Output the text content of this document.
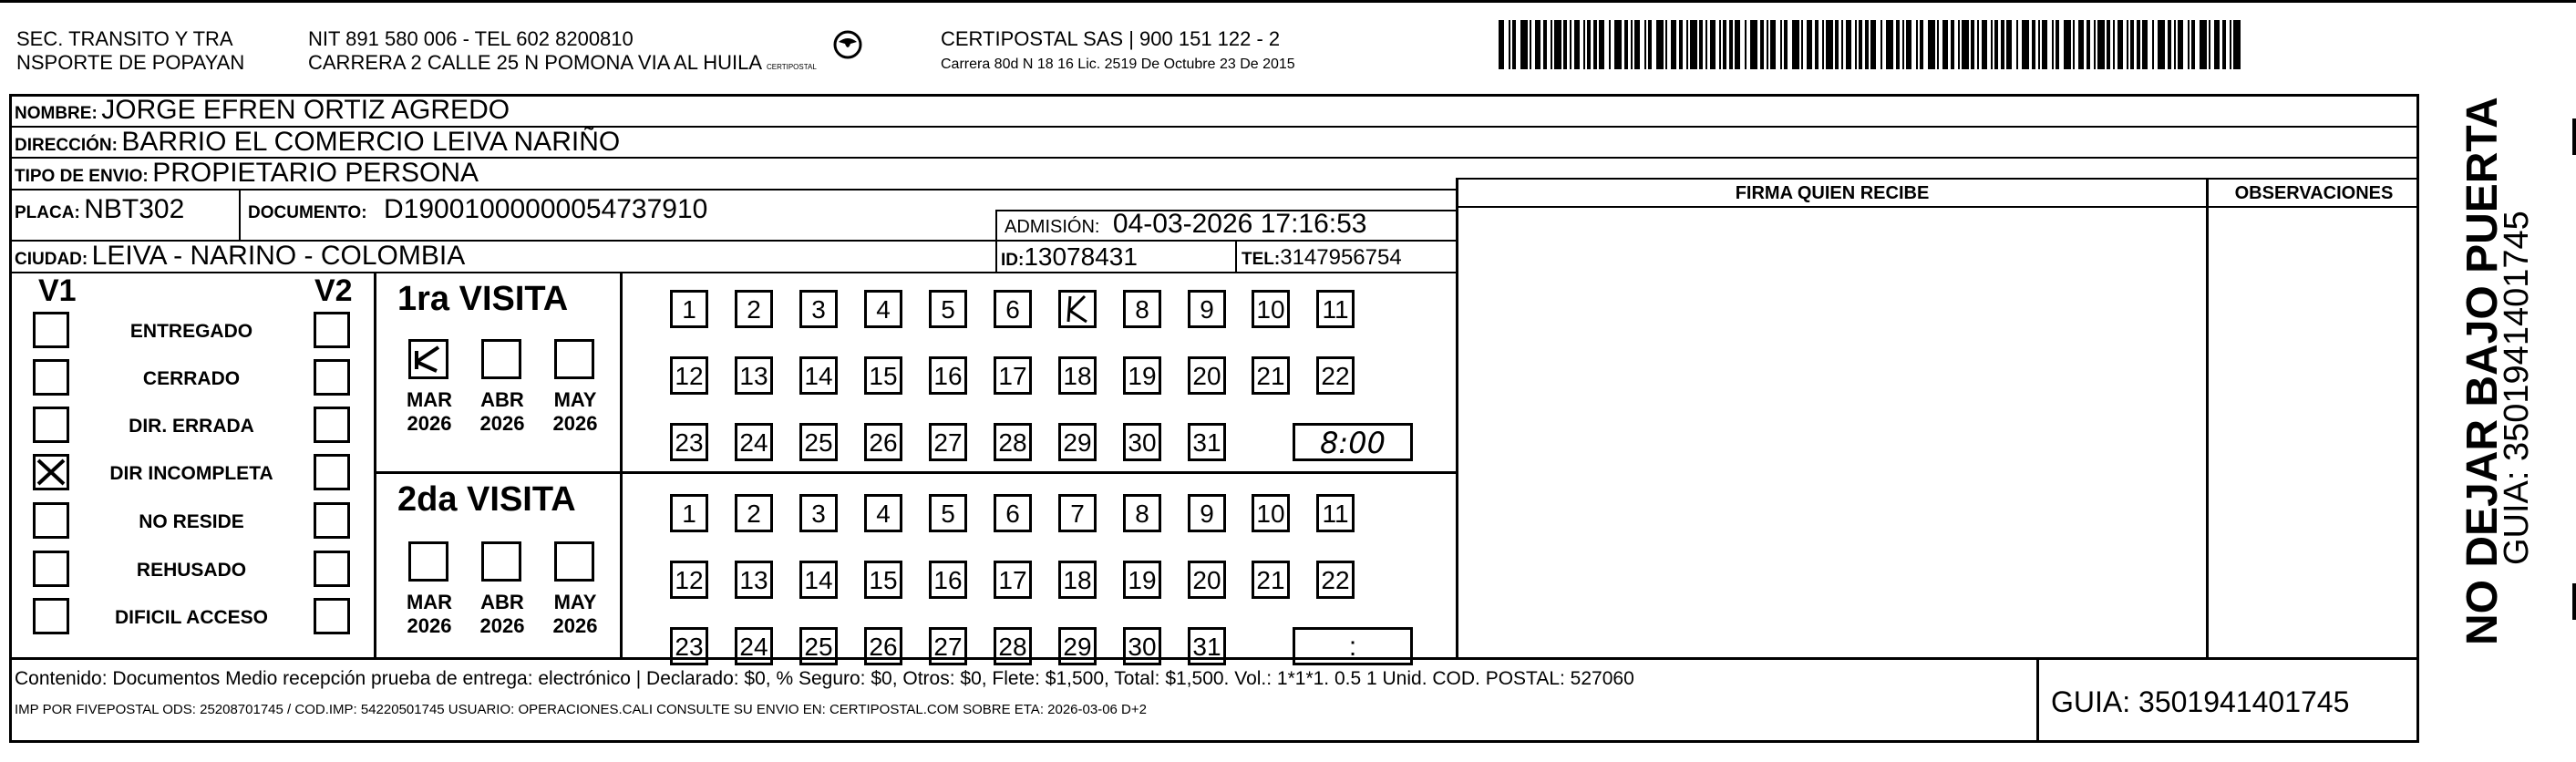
SEC. TRANSITO Y TRA
NSPORTE DE POPAYAN
NIT 891 580 006 - TEL 602 8200810
CARRERA 2 CALLE 25 N POMONA VIA AL HUILA CERTIPOSTAL
CERTIPOSTAL SAS | 900 151 122 - 2
Carrera 80d N 18 16 Lic. 2519 De Octubre 23 De 2015
NOMBRE: JORGE EFREN ORTIZ AGREDO
DIRECCIÓN: BARRIO EL COMERCIO LEIVA NARIÑO
TIPO DE ENVIO: PROPIETARIO PERSONA
PLACA: NBT302	DOCUMENTO: D19001000000054737910
ADMISIÓN: 04-03-2026 17:16:53
CIUDAD: LEIVA - NARINO - COLOMBIA	ID:13078431	TEL:3147956754
FIRMA QUIEN RECIBE	OBSERVACIONES
V1	V2
ENTREGADO
CERRADO
DIR. ERRADA
DIR INCOMPLETA
NO RESIDE
REHUSADO
DIFICIL ACCESO
1ra VISITA
MAR
2026
ABR
2026
MAY
2026
1	2	3	4	5	6	8	9	10 11
12 13 14 15 16 17 18 19 20 21 22
23 24 25 26 27 28 29 30 31	8:00
2da VISITA
MAR
2026
ABR
2026
MAY
2026
1	2	3	4	5	6	7	8	9	10 11
12 13 14 15 16 17 18 19 20 21 22
23 24 25 26 27 28 29 30 31	:
Contenido: Documentos Medio recepción prueba de entrega: electrónico | Declarado: $0, % Seguro: $0, Otros: $0, Flete: $1,500, Total: $1,500. Vol.: 1*1*1. 0.5 1 Unid. COD. POSTAL: 527060
IMP POR FIVEPOSTAL ODS: 25208701745 / COD.IMP: 54220501745 USUARIO: OPERACIONES.CALI CONSULTE SU ENVIO EN: CERTIPOSTAL.COM SOBRE ETA: 2026-03-06 D+2	GUIA: 3501941401745
NO DEJAR BAJO PUERTA
GUIA: 3501941401745
